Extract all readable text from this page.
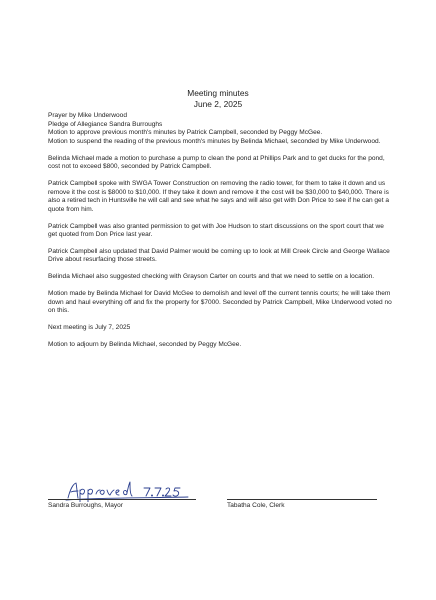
Meeting minutes
June 2, 2025

Prayer by Mike Underwood

Pledge of Allegiance Sandra Burroughs

Motion to approve previous month's minutes by Patrick Campbell, seconded by Peggy McGee.

Motion to suspend the reading of the previous month's minutes by Belinda Michael, seconded by Mike Underwood.

Belinda Michael made a motion to purchase a pump to clean the pond at Phillips Park and to get ducks for the pond, cost not to exceed $800, seconded by Patrick Campbell.

Patrick Campbell spoke with SWGA Tower Construction on removing the radio tower, for them to take it down and us remove it the cost is $8000 to $10,000. If they take it down and remove it the cost will be $30,000 to $40,000. There is also a retired tech in Huntsville he will call and see what he says and will also get with Don Price to see if he can get a quote from him.

Patrick Campbell was also granted permission to get with Joe Hudson to start discussions on the sport court that we get quoted from Don Price last year.

Patrick Campbell also updated that David Palmer would be coming up to look at Mill Creek Circle and George Wallace Drive about resurfacing those streets.

Belinda Michael also suggested checking with Grayson Carter on courts and that we need to settle on a location.

Motion made by Belinda Michael for David McGee to demolish and level off the current tennis courts; he will take them down and haul everything off and fix the property for $7000. Seconded by Patrick Campbell, Mike Underwood voted no on this.

Next meeting is July 7, 2025

Motion to adjourn by Belinda Michael, seconded by Peggy McGee.

Sandra Burroughs, Mayor	Tabatha Cole, Clerk
